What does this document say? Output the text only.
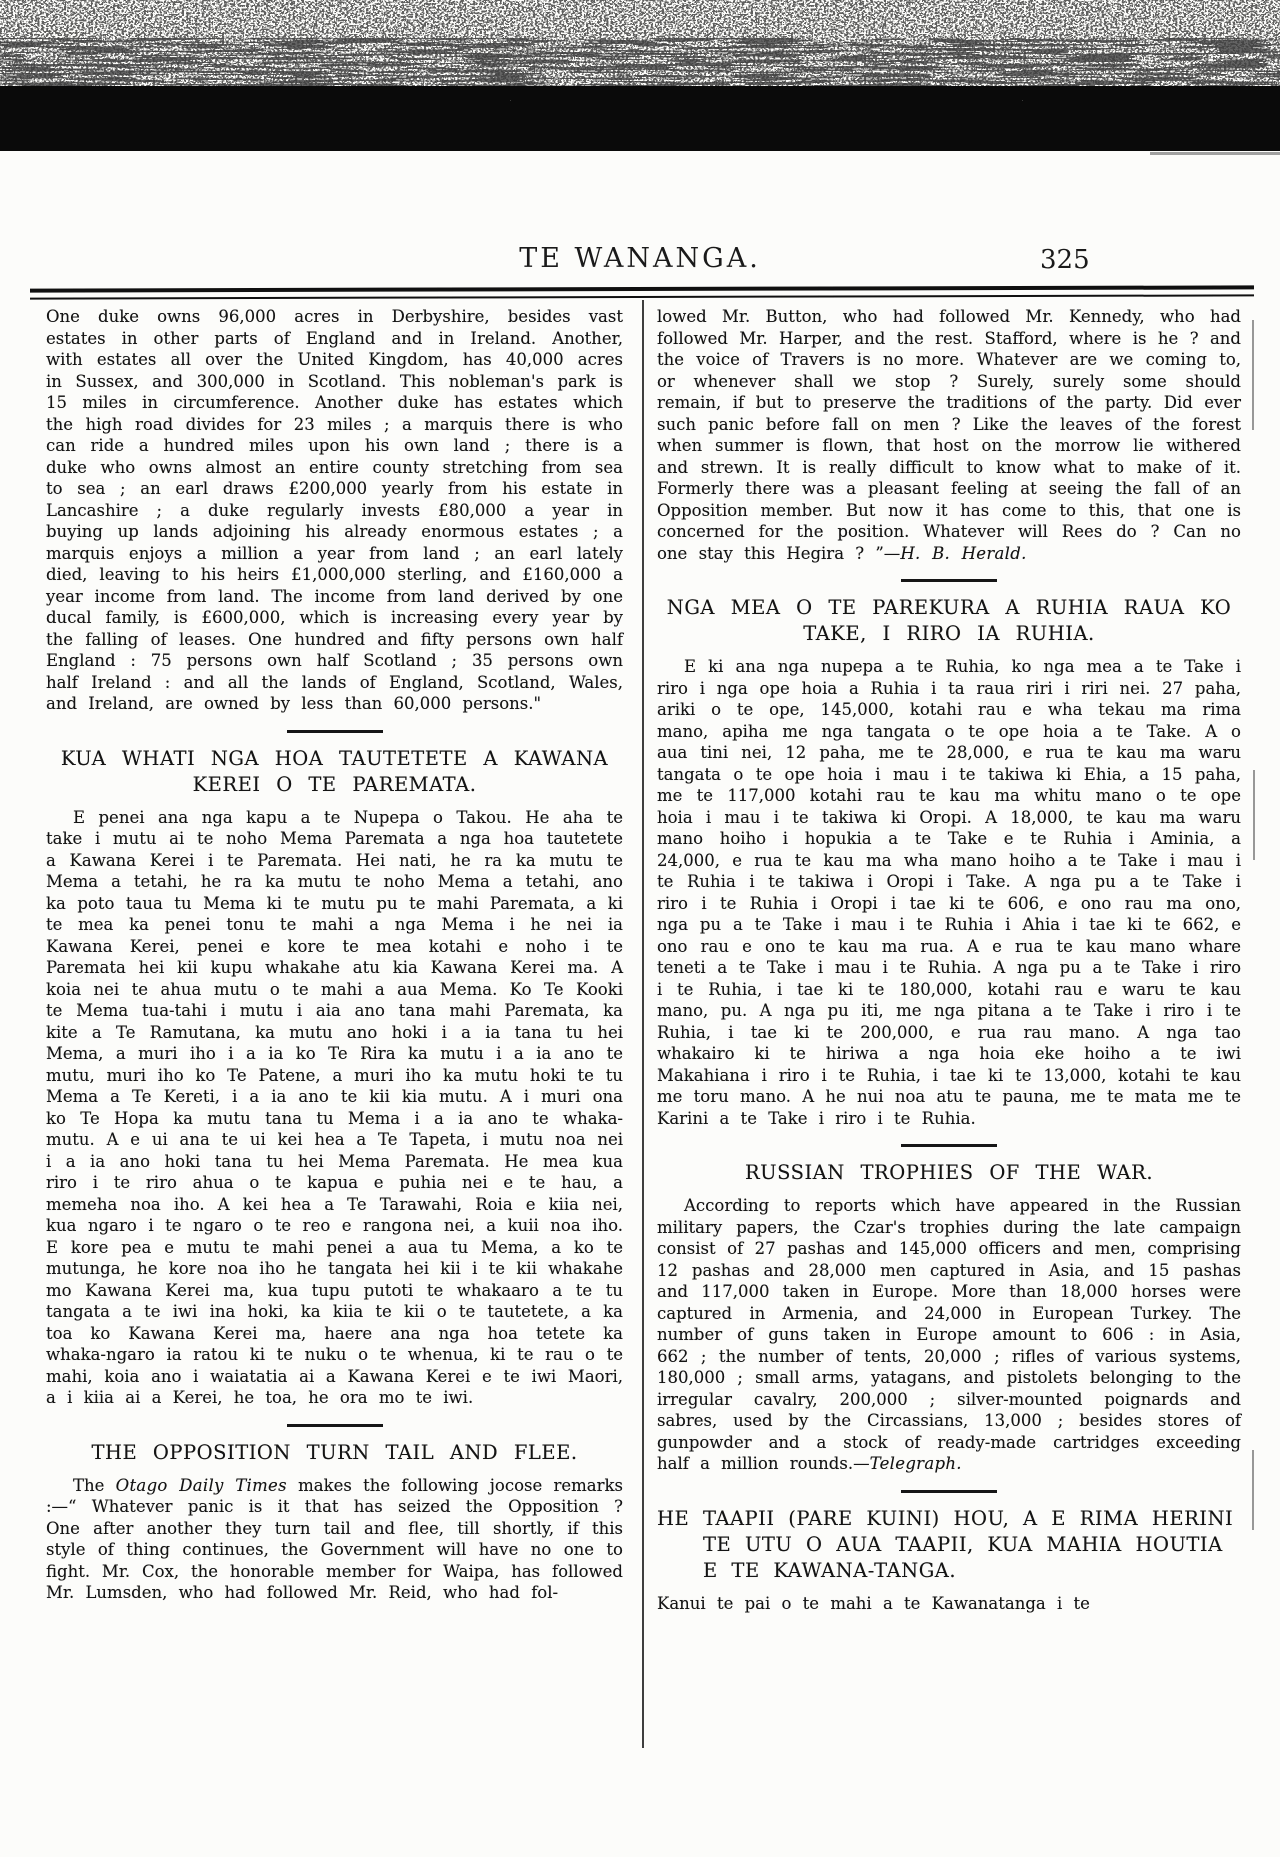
TE WANANGA.	325

One duke owns 96,000 acres in Derbyshire, besides vast estates in other parts of England and in Ireland. Another, with estates all over the United Kingdom, has 40,000 acres in Sussex, and 300,000 in Scotland. This nobleman's park is 15 miles in circumference. Another duke has estates which the high road divides for 23 miles ; a marquis there is who can ride a hundred miles upon his own land ; there is a duke who owns almost an entire county stretching from sea to sea ; an earl draws £200,000 yearly from his estate in Lancashire ; a duke regularly invests £80,000 a year in buying up lands adjoining his already enormous estates ; a marquis enjoys a million a year from land ; an earl lately died, leaving to his heirs £1,000,000 sterling, and £160,000 a year income from land. The income from land derived by one ducal family, is £600,000, which is increasing every year by the falling of leases. One hundred and fifty persons own half England : 75 persons own half Scotland ; 35 persons own half Ireland : and all the lands of England, Scotland, Wales, and Ireland, are owned by less than 60,000 persons."

KUA WHATI NGA HOA TAUTETETE A KAWANA KEREI O TE PAREMATA.

E penei ana nga kapu a te Nupepa o Takou. He aha te take i mutu ai te noho Mema Paremata a nga hoa tautetete a Kawana Kerei i te Paremata. Hei nati, he ra ka mutu te Mema a tetahi, he ra ka mutu te noho Mema a tetahi, ano ka poto taua tu Mema ki te mutu pu te mahi Paremata, a ki te mea ka penei tonu te mahi a nga Mema i he nei ia Kawana Kerei, penei e kore te mea kotahi e noho i te Paremata hei kii kupu whakahe atu kia Kawana Kerei ma. A koia nei te ahua mutu o te mahi a aua Mema. Ko Te Kooki te Mema tua-tahi i mutu i aia ano tana mahi Paremata, ka kite a Te Ramutana, ka mutu ano hoki i a ia tana tu hei Mema, a muri iho i a ia ko Te Rira ka mutu i a ia ano te mutu, muri iho ko Te Patene, a muri iho ka mutu hoki te tu Mema a Te Kereti, i a ia ano te kii kia mutu. A i muri ona ko Te Hopa ka mutu tana tu Mema i a ia ano te whaka-mutu. A e ui ana te ui kei hea a Te Tapeta, i mutu noa nei i a ia ano hoki tana tu hei Mema Paremata. He mea kua riro i te riro ahua o te kapua e puhia nei e te hau, a memeha noa iho. A kei hea a Te Tarawahi, Roia e kiia nei, kua ngaro i te ngaro o te reo e rangona nei, a kuii noa iho. E kore pea e mutu te mahi penei a aua tu Mema, a ko te mutunga, he kore noa iho he tangata hei kii i te kii whakahe mo Kawana Kerei ma, kua tupu putoti te whakaaro a te tu tangata a te iwi ina hoki, ka kiia te kii o te tautetete, a ka toa ko Kawana Kerei ma, haere ana nga hoa tetete ka whaka-ngaro ia ratou ki te nuku o te whenua, ki te rau o te mahi, koia ano i waiatatia ai a Kawana Kerei e te iwi Maori, a i kiia ai a Kerei, he toa, he ora mo te iwi.

THE OPPOSITION TURN TAIL AND FLEE.

The Otago Daily Times makes the following jocose remarks :—“ Whatever panic is it that has seized the Opposition ? One after another they turn tail and flee, till shortly, if this style of thing continues, the Government will have no one to fight. Mr. Cox, the honorable member for Waipa, has followed Mr. Lumsden, who had followed Mr. Reid, who had fol-

lowed Mr. Button, who had followed Mr. Kennedy, who had followed Mr. Harper, and the rest. Stafford, where is he ? and the voice of Travers is no more. Whatever are we coming to, or whenever shall we stop ? Surely, surely some should remain, if but to preserve the traditions of the party. Did ever such panic before fall on men ? Like the leaves of the forest when summer is flown, that host on the morrow lie withered and strewn. It is really difficult to know what to make of it. Formerly there was a pleasant feeling at seeing the fall of an Opposition member. But now it has come to this, that one is concerned for the position. Whatever will Rees do ? Can no one stay this Hegira ? ”—H. B. Herald.

NGA MEA O TE PAREKURA A RUHIA RAUA KO TAKE, I RIRO IA RUHIA.

E ki ana nga nupepa a te Ruhia, ko nga mea a te Take i riro i nga ope hoia a Ruhia i ta raua riri i riri nei. 27 paha, ariki o te ope, 145,000, kotahi rau e wha tekau ma rima mano, apiha me nga tangata o te ope hoia a te Take. A o aua tini nei, 12 paha, me te 28,000, e rua te kau ma waru tangata o te ope hoia i mau i te takiwa ki Ehia, a 15 paha, me te 117,000 kotahi rau te kau ma whitu mano o te ope hoia i mau i te takiwa ki Oropi. A 18,000, te kau ma waru mano hoiho i hopukia a te Take e te Ruhia i Aminia, a 24,000, e rua te kau ma wha mano hoiho a te Take i mau i te Ruhia i te takiwa i Oropi i Take. A nga pu a te Take i riro i te Ruhia i Oropi i tae ki te 606, e ono rau ma ono, nga pu a te Take i mau i te Ruhia i Ahia i tae ki te 662, e ono rau e ono te kau ma rua. A e rua te kau mano whare teneti a te Take i mau i te Ruhia. A nga pu a te Take i riro i te Ruhia, i tae ki te 180,000, kotahi rau e waru te kau mano, pu. A nga pu iti, me nga pitana a te Take i riro i te Ruhia, i tae ki te 200,000, e rua rau mano. A nga tao whakairo ki te hiriwa a nga hoia eke hoiho a te iwi Makahiana i riro i te Ruhia, i tae ki te 13,000, kotahi te kau me toru mano. A he nui noa atu te pauna, me te mata me te Karini a te Take i riro i te Ruhia.

RUSSIAN TROPHIES OF THE WAR.

According to reports which have appeared in the Russian military papers, the Czar's trophies during the late campaign consist of 27 pashas and 145,000 officers and men, comprising 12 pashas and 28,000 men captured in Asia, and 15 pashas and 117,000 taken in Europe. More than 18,000 horses were captured in Armenia, and 24,000 in European Turkey. The number of guns taken in Europe amount to 606 : in Asia, 662 ; the number of tents, 20,000 ; rifles of various systems, 180,000 ; small arms, yatagans, and pistolets belonging to the irregular cavalry, 200,000 ; silver-mounted poignards and sabres, used by the Circassians, 13,000 ; besides stores of gunpowder and a stock of ready-made cartridges exceeding half a million rounds.—Telegraph.

HE TAAPII (PARE KUINI) HOU, A E RIMA HERINI TE UTU O AUA TAAPII, KUA MAHIA HOUTIA E TE KAWANA-TANGA.

Kanui te pai o te mahi a te Kawanatanga i te
